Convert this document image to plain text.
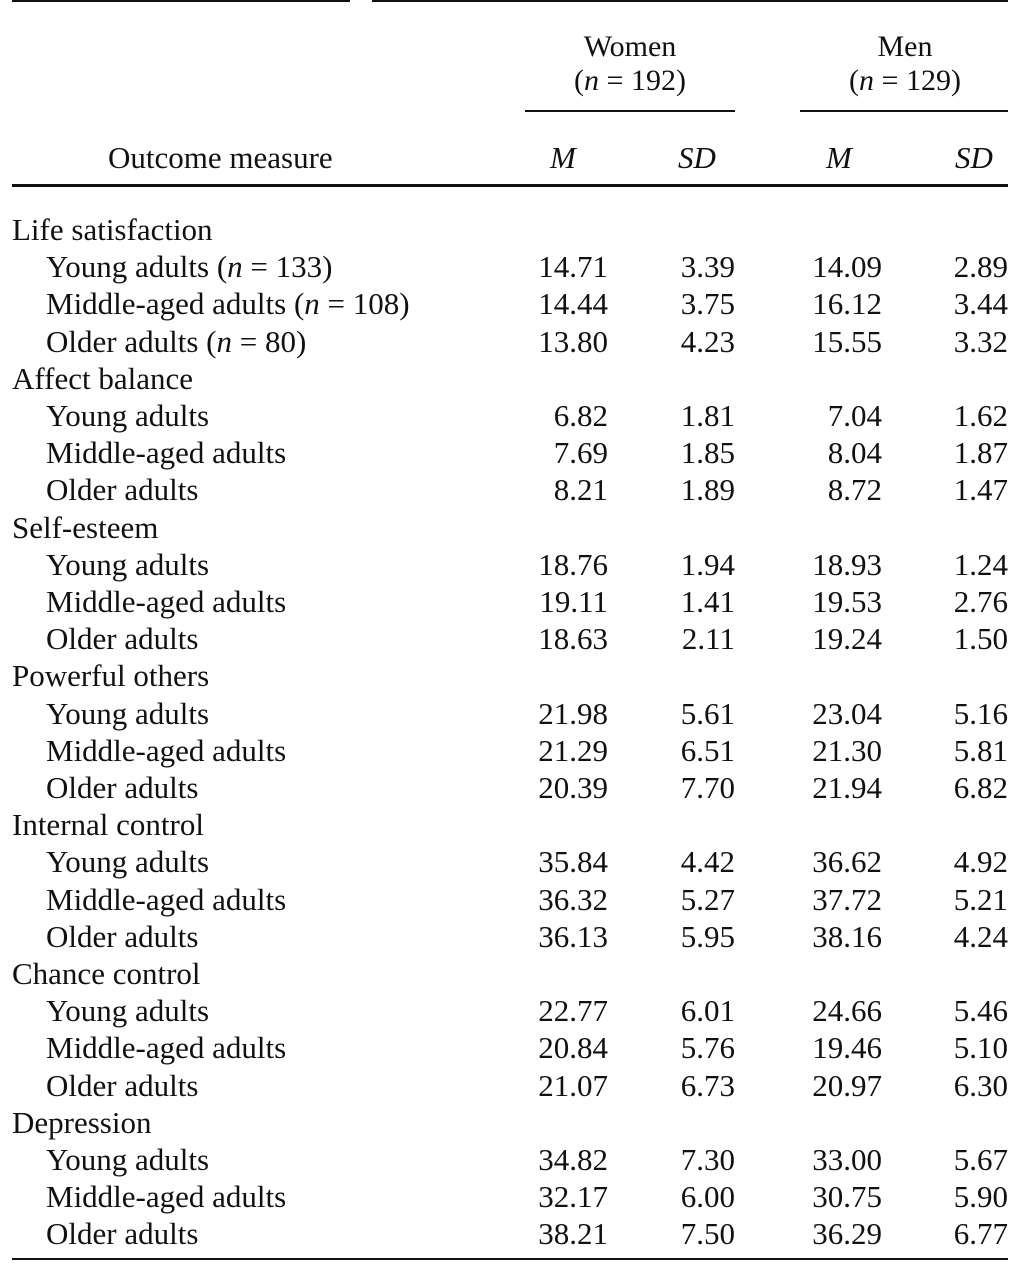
Women
(n = 192)
Men
(n = 129)
Outcome measure	M	SD	M	SD
Life satisfaction
Young adults (n = 133)	14.71	3.39	14.09	2.89
Middle-aged adults (n = 108)	14.44	3.75	16.12	3.44
Older adults (n = 80)	13.80	4.23	15.55	3.32
Affect balance
Young adults	6.82	1.81	7.04	1.62
Middle-aged adults	7.69	1.85	8.04	1.87
Older adults	8.21	1.89	8.72	1.47
Self-esteem
Young adults	18.76	1.94	18.93	1.24
Middle-aged adults	19.11	1.41	19.53	2.76
Older adults	18.63	2.11	19.24	1.50
Powerful others
Young adults	21.98	5.61	23.04	5.16
Middle-aged adults	21.29	6.51	21.30	5.81
Older adults	20.39	7.70	21.94	6.82
Internal control
Young adults	35.84	4.42	36.62	4.92
Middle-aged adults	36.32	5.27	37.72	5.21
Older adults	36.13	5.95	38.16	4.24
Chance control
Young adults	22.77	6.01	24.66	5.46
Middle-aged adults	20.84	5.76	19.46	5.10
Older adults	21.07	6.73	20.97	6.30
Depression
Young adults	34.82	7.30	33.00	5.67
Middle-aged adults	32.17	6.00	30.75	5.90
Older adults	38.21	7.50	36.29	6.77
